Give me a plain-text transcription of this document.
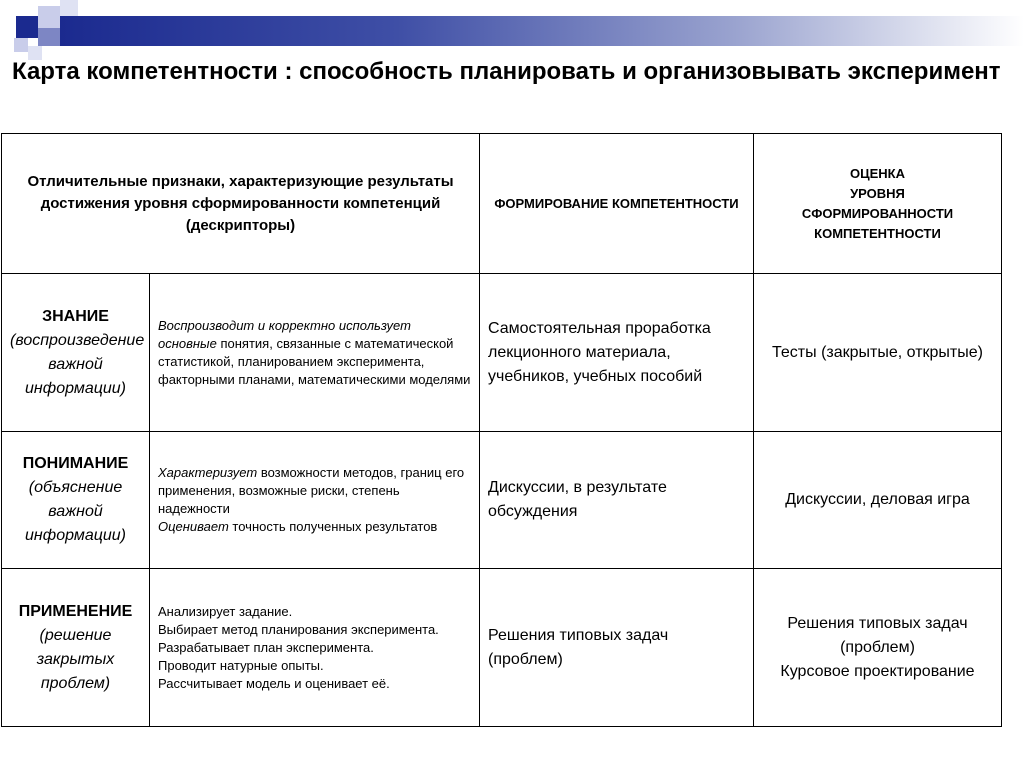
Карта компетентности : способность планировать и организовывать эксперимент
Отличительные признаки, характеризующие результаты достижения уровня сформированности компетенций (дескрипторы)		ФОРМИРОВАНИЕ КОМПЕТЕНТНОСТИ	ОЦЕНКА
УРОВНЯ
СФОРМИРОВАННОСТИ
КОМПЕТЕНТНОСТИ

ЗНАНИЕ
(воспроизведение важной информации)	Воспроизводит и корректно использует основные понятия, связанные с математической статистикой, планированием эксперимента, факторными планами, математическими моделями	Самостоятельная проработка лекционного материала, учебников, учебных пособий	Тесты (закрытые, открытые)

ПОНИМАНИЕ
(объяснение важной информации)	Характеризует возможности методов, границ его применения, возможные риски, степень надежности
Оценивает точность полученных результатов	Дискуссии, в результате обсуждения	Дискуссии, деловая игра

ПРИМЕНЕНИЕ
(решение закрытых проблем)	Анализирует задание.
Выбирает метод планирования эксперимента.
Разрабатывает план эксперимента.
Проводит натурные опыты.
Рассчитывает модель и оценивает её.	Решения типовых задач (проблем)	Решения типовых задач (проблем)
Курсовое проектирование
